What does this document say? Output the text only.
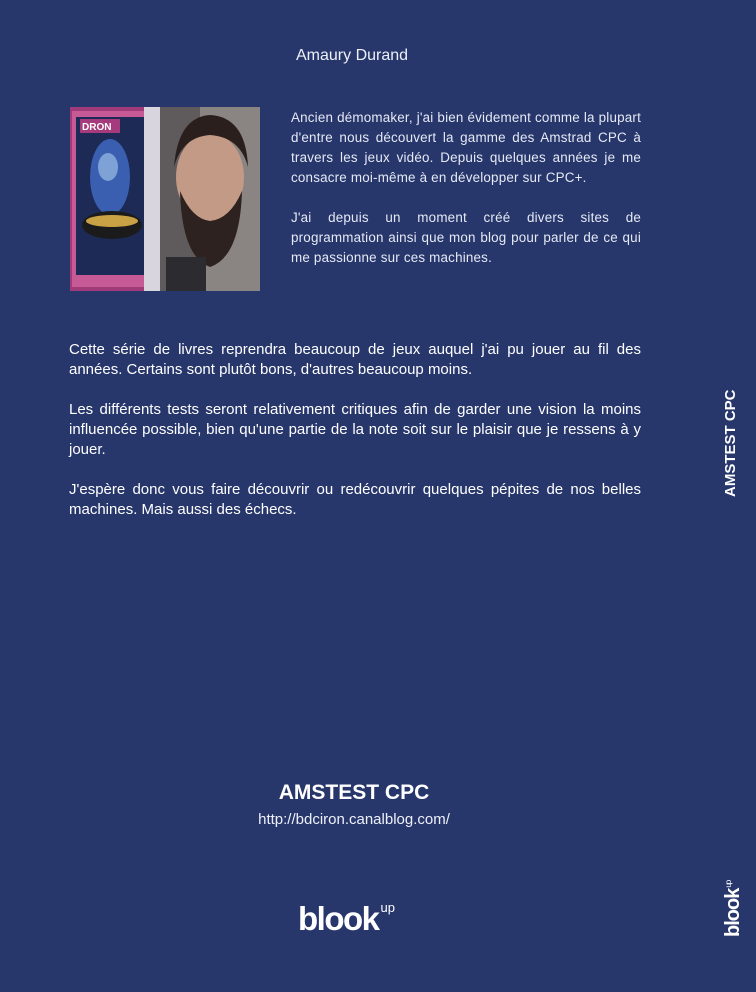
Amaury Durand
DRON

Ancien démomaker, j'ai bien évidement comme la plupart d'entre nous découvert la gamme des Amstrad CPC à travers les jeux vidéo. Depuis quelques années je me consacre moi-même à en développer sur CPC+.

J'ai depuis un moment créé divers sites de programmation ainsi que mon blog pour parler de ce qui me passionne sur ces machines.

Cette série de livres reprendra beaucoup de jeux auquel j'ai pu jouer au fil des années. Certains sont plutôt bons, d'autres beaucoup moins.

Les différents tests seront relativement critiques afin de garder une vision la moins influencée possible, bien qu'une partie de la note soit sur le plaisir que je ressens à y jouer.

J'espère donc vous faire découvrir ou redécouvrir quelques pépites de nos belles machines. Mais aussi des échecs.

AMSTEST CPC
AMSTEST CPC
http://bdciron.canalblog.com/
blook $^{up}$	blook$^{up}$
